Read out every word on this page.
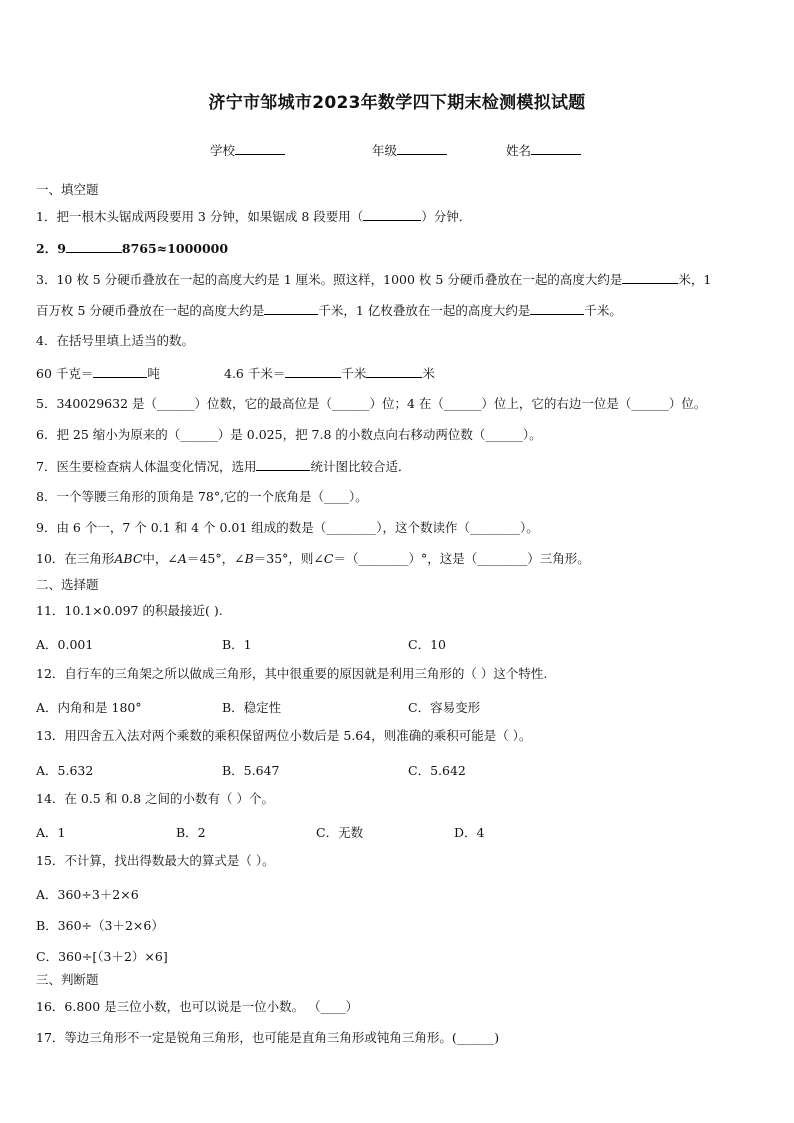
济宁市邹城市2023年数学四下期末检测模拟试题
学校	年级	姓名
一、填空题
1．把一根木头锯成两段要用 3 分钟，如果锯成 8 段要用（	）分钟．
2．9	8765≈1000000
3．10 枚 5 分硬币叠放在一起的高度大约是 1 厘米。照这样，1000 枚 5 分硬币叠放在一起的高度大约是	米，1
百万枚 5 分硬币叠放在一起的高度大约是	千米，1 亿枚叠放在一起的高度大约是	千米。
4．在括号里填上适当的数。
60 千克＝	吨	4.6 千米＝	千米	米
5．340029632 是（______）位数，它的最高位是（______）位；4 在（______）位上，它的右边一位是（______）位。
6．把 25 缩小为原来的（______）是 0.025，把 7.8 的小数点向右移动两位数（______）。
7．医生要检查病人体温变化情况，选用	统计图比较合适．
8．一个等腰三角形的顶角是 78°,它的一个底角是（____）。
9．由 6 个一，7 个 0.1 和 4 个 0.01 组成的数是（________），这个数读作（________）。
10．在三角形ABC中，∠A＝45°，∠B＝35°，则∠C＝（________）°，这是（________）三角形。
二、选择题
11．10.1×0.097 的积最接近( ).
A．0.001	B．1	C．10
12．自行车的三角架之所以做成三角形，其中很重要的原因就是利用三角形的（ ）这个特性.
A．内角和是 180°	B．稳定性	C．容易变形
13．用四舍五入法对两个乘数的乘积保留两位小数后是 5.64，则准确的乘积可能是（ ）。
A．5.632	B．5.647	C．5.642
14．在 0.5 和 0.8 之间的小数有（ ）个。
A．1	B．2	C．无数	D．4
15．不计算，找出得数最大的算式是（ ）。
A．360÷3＋2×6
B．360÷（3＋2×6）
C．360÷[（3＋2）×6]
三、判断题
16．6.800 是三位小数，也可以说是一位小数。 （____）
17．等边三角形不一定是锐角三角形，也可能是直角三角形或钝角三角形。(______)
